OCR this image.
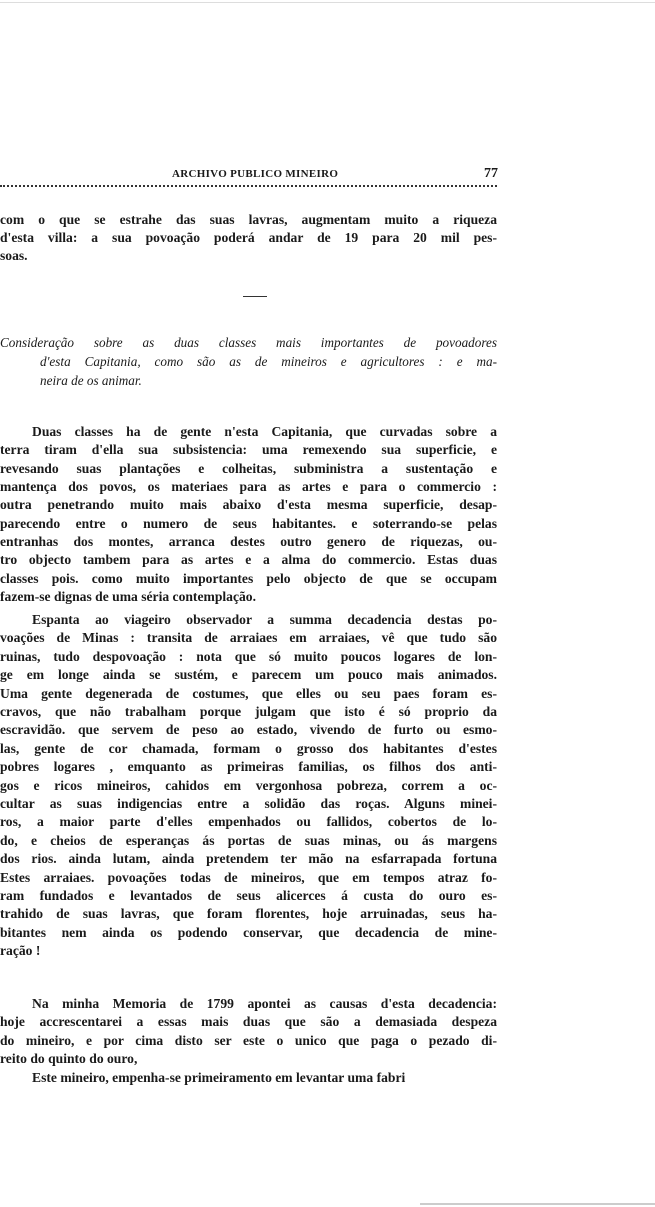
ARCHIVO PUBLICO MINEIRO	77
com o que se estrahe das suas lavras, augmentam muito a riqueza
d'esta villa: a sua povoação poderá andar de 19 para 20 mil pes-
soas.
Consideração sobre as duas classes mais importantes de povoadores
d'esta Capitania, como são as de mineiros e agricultores : e ma-
neira de os animar.
Duas classes ha de gente n'esta Capitania, que curvadas sobre a
terra tiram d'ella sua subsistencia: uma remexendo sua superficie, e
revesando suas plantações e colheitas, subministra a sustentação e
mantença dos povos, os materiaes para as artes e para o commercio :
outra penetrando muito mais abaixo d'esta mesma superficie, desap-
parecendo entre o numero de seus habitantes. e soterrando-se pelas
entranhas dos montes, arranca destes outro genero de riquezas, ou-
tro objecto tambem para as artes e a alma do commercio. Estas duas
classes pois. como muito importantes pelo objecto de que se occupam
fazem-se dignas de uma séria contemplação.
Espanta ao viageiro observador a summa decadencia destas po-
voações de Minas : transita de arraiaes em arraiaes, vê que tudo são
ruinas, tudo despovoação : nota que só muito poucos logares de lon-
ge em longe ainda se sustém, e parecem um pouco mais animados.
Uma gente degenerada de costumes, que elles ou seu paes foram es-
cravos, que não trabalham porque julgam que isto é só proprio da
escravidão. que servem de peso ao estado, vivendo de furto ou esmo-
las, gente de cor chamada, formam o grosso dos habitantes d'estes
pobres logares , emquanto as primeiras familias, os filhos dos anti-
gos e ricos mineiros, cahidos em vergonhosa pobreza, correm a oc-
cultar as suas indigencias entre a solidão das roças. Alguns minei-
ros, a maior parte d'elles empenhados ou fallidos, cobertos de lo-
do, e cheios de esperanças ás portas de suas minas, ou ás margens
dos rios. ainda lutam, ainda pretendem ter mão na esfarrapada fortuna
Estes arraiaes. povoações todas de mineiros, que em tempos atraz fo-
ram fundados e levantados de seus alicerces á custa do ouro es-
trahido de suas lavras, que foram florentes, hoje arruinadas, seus ha-
bitantes nem ainda os podendo conservar, que decadencia de mine-
ração !
Na minha Memoria de 1799 apontei as causas d'esta decadencia:
hoje accrescentarei a essas mais duas que são a demasiada despeza
do mineiro, e por cima disto ser este o unico que paga o pezado di-
reito do quinto do ouro,
Este mineiro, empenha-se primeiramento em levantar uma fabri
